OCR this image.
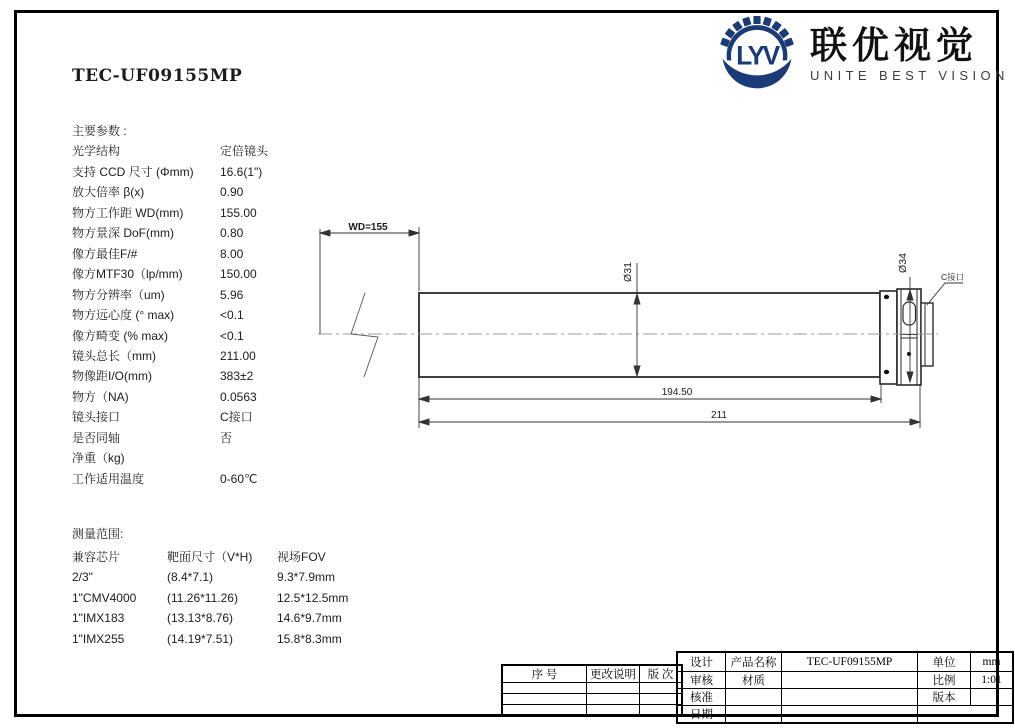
TEC-UF09155MP
LYV 联优视觉
UNITE BEST VISION
主要参数 :
光学结构	定倍镜头
支持 CCD 尺寸 (Φmm)	16.6(1")
放大倍率 β(x)	0.90
物方工作距 WD(mm)	155.00
物方景深 DoF(mm)	0.80
像方最佳F/#	8.00
像方MTF30（lp/mm)	150.00
物方分辨率（um)	5.96
物方远心度 (° max)	<0.1
像方畸变 (% max)	<0.1
镜头总长（mm)	211.00
物像距I/O(mm)	383±2
物方（NA)	0.0563
镜头接口	C接口
是否同轴	否
净重（kg)
工作适用温度	0-60℃
测量范围:
兼容芯片	靶面尺寸（V*H)	视场FOV
2/3"	(8.4*7.1)	9.3*7.9mm
1"CMV4000	(11.26*11.26)	12.5*12.5mm
1"IMX183	(13.13*8.76)	14.6*9.7mm
1"IMX255	(14.19*7.51)	15.8*8.3mm
WD=155
Ø31	Ø34
C接口
194.50
211
序 号	更改说明	版 次

设计	产品名称	TEC-UF09155MP	单位	mm
审核	材质		比例	1:01
核准			版本	
日期				
